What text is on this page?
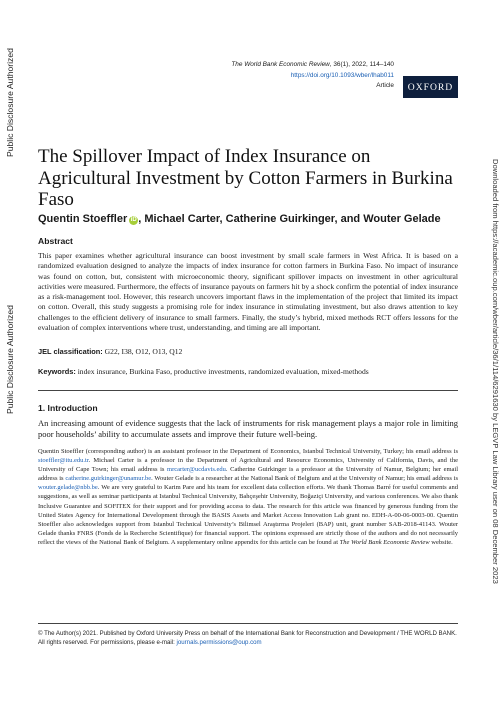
Public Disclosure Authorized
Public Disclosure Authorized	Downloaded from https://academic.oup.com/wber/article/36/1/114/6291630 by LEGVP Law Library user on 08 December 2023
The World Bank Economic Review, 36(1), 2022, 114–140
https://doi.org/10.1093/wber/lhab011
Article OXFORD
The Spillover Impact of Index Insurance on Agricultural Investment by Cotton Farmers in Burkina Faso
Quentin Stoeffler iD , Michael Carter, Catherine Guirkinger, and Wouter Gelade
Abstract

This paper examines whether agricultural insurance can boost investment by small scale farmers in West Africa. It is based on a randomized evaluation designed to analyze the impacts of index insurance for cotton farmers in Burkina Faso. No impact of insurance was found on cotton, but, consistent with microeconomic theory, significant spillover impacts on investment in other agricultural activities were measured. Furthermore, the effects of insurance payouts on farmers hit by a shock confirm the potential of index insurance as a risk-management tool. However, this research uncovers important flaws in the implementation of the project that limited its impact on cotton. Overall, this study suggests a promising role for index insurance in stimulating investment, but also draws attention to key challenges to the efficient delivery of insurance to small farmers. Finally, the study’s hybrid, mixed methods RCT offers lessons for the evaluation of complex interventions where trust, understanding, and timing are all important.

JEL classification: G22, I38, O12, O13, Q12

Keywords: index insurance, Burkina Faso, productive investments, randomized evaluation, mixed-methods

1. Introduction

An increasing amount of evidence suggests that the lack of instruments for risk management plays a major role in limiting poor households’ ability to accumulate assets and improve their future well-being.

Quentin Stoeffler (corresponding author) is an assistant professor in the Department of Economics, Istanbul Technical University, Turkey; his email address is stoeffler@itu.edu.tr. Michael Carter is a professor in the Department of Agricultural and Resource Economics, University of California, Davis, and the University of Cape Town; his email address is mrcarter@ucdavis.edu. Catherine Guirkinger is a professor at the University of Namur, Belgium; her email address is catherine.guirkinger@unamur.be. Wouter Gelade is a researcher at the National Bank of Belgium and at the University of Namur; his email address is wouter.gelade@nbb.be. We are very grateful to Karim Pare and his team for excellent data collection efforts. We thank Thomas Barré for useful comments and suggestions, as well as seminar participants at Istanbul Technical University, Bahçeşehir University, Boğaziçi University, and various conferences. We also thank Inclusive Guarantee and SOFITEX for their support and for providing access to data. The research for this article was financed by generous funding from the United States Agency for International Development through the BASIS Assets and Market Access Innovation Lab grant no. EDH-A-00-06-0003-00. Quentin Stoeffler also acknowledges support from Istanbul Technical University’s Bilimsel Araştırma Projeleri (BAP) unit, grant number SAB-2018-41143. Wouter Gelade thanks FNRS (Fonds de la Recherche Scientifique) for financial support. The opinions expressed are strictly those of the authors and do not necessarily reflect the views of the National Bank of Belgium. A supplementary online appendix for this article can be found at The World Bank Economic Review website.

© The Author(s) 2021. Published by Oxford University Press on behalf of the International Bank for Reconstruction and Development / THE WORLD BANK.
All rights reserved. For permissions, please e-mail: journals.permissions@oup.com
